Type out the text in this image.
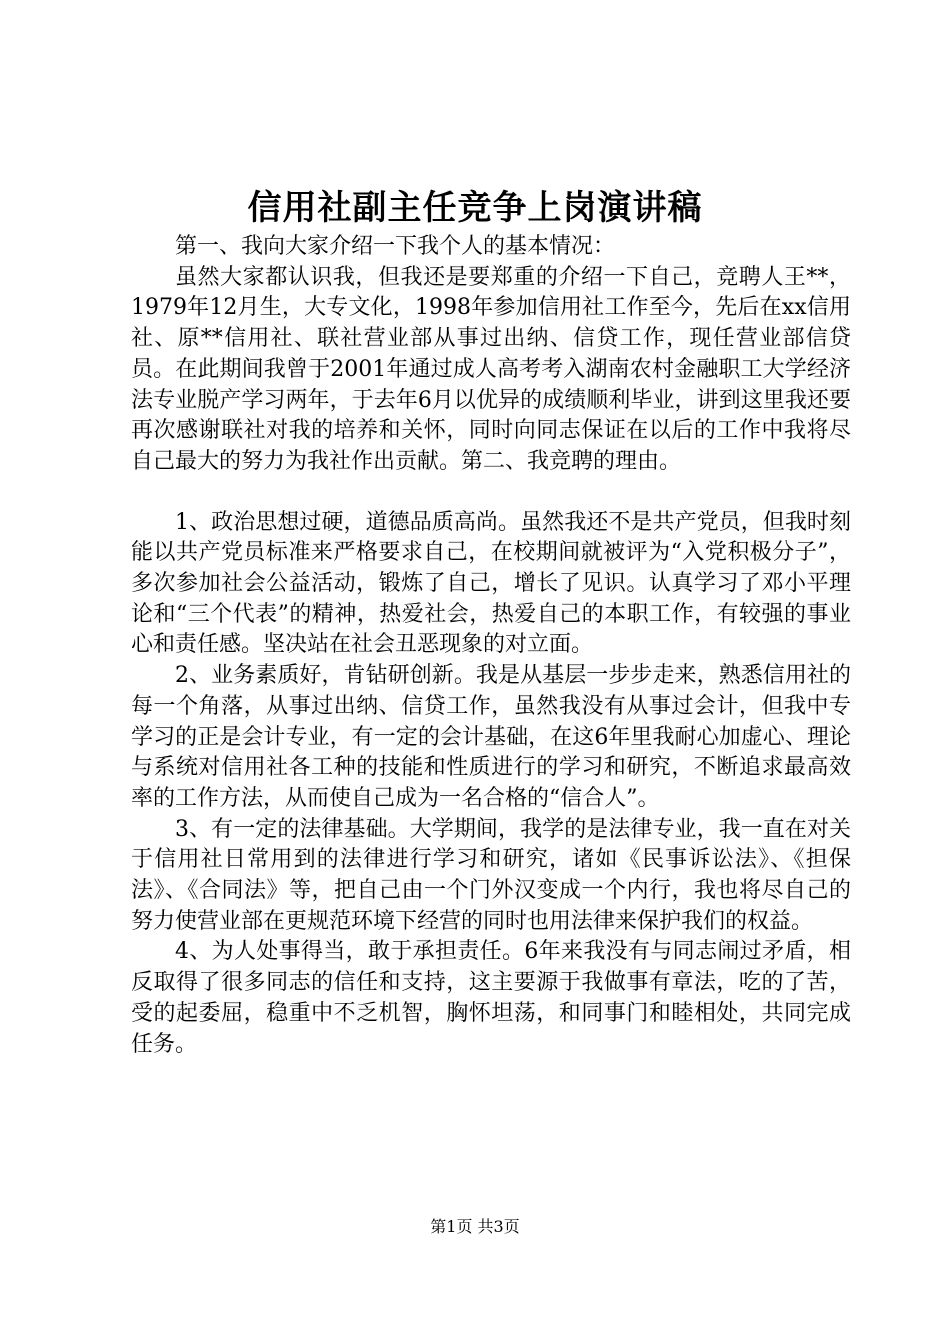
信用社副主任竞争上岗演讲稿

第一、我向大家介绍一下我个人的基本情况：

虽然大家都认识我，但我还是要郑重的介绍一下自己，竞聘人王**，1979年12月生，大专文化，1998年参加信用社工作至今，先后在xx信用社、原**信用社、联社营业部从事过出纳、信贷工作，现任营业部信贷员。在此期间我曾于2001年通过成人高考考入湖南农村金融职工大学经济法专业脱产学习两年，于去年6月以优异的成绩顺利毕业，讲到这里我还要再次感谢联社对我的培养和关怀，同时向同志保证在以后的工作中我将尽自己最大的努力为我社作出贡献。第二、我竞聘的理由。

1、政治思想过硬，道德品质高尚。虽然我还不是共产党员，但我时刻能以共产党员标准来严格要求自己，在校期间就被评为“入党积极分子”，多次参加社会公益活动，锻炼了自己，增长了见识。认真学习了邓小平理论和“三个代表”的精神，热爱社会，热爱自己的本职工作，有较强的事业心和责任感。坚决站在社会丑恶现象的对立面。

2、业务素质好，肯钻研创新。我是从基层一步步走来，熟悉信用社的每一个角落，从事过出纳、信贷工作，虽然我没有从事过会计，但我中专学习的正是会计专业，有一定的会计基础，在这6年里我耐心加虚心、理论与系统对信用社各工种的技能和性质进行的学习和研究，不断追求最高效率的工作方法，从而使自己成为一名合格的“信合人”。

3、有一定的法律基础。大学期间，我学的是法律专业，我一直在对关于信用社日常用到的法律进行学习和研究，诸如《民事诉讼法》、《担保法》、《合同法》等，把自己由一个门外汉变成一个内行，我也将尽自己的努力使营业部在更规范环境下经营的同时也用法律来保护我们的权益。

4、为人处事得当，敢于承担责任。6年来我没有与同志闹过矛盾，相反取得了很多同志的信任和支持，这主要源于我做事有章法，吃的了苦，受的起委屈，稳重中不乏机智，胸怀坦荡，和同事门和睦相处，共同完成任务。

第1页 共3页
